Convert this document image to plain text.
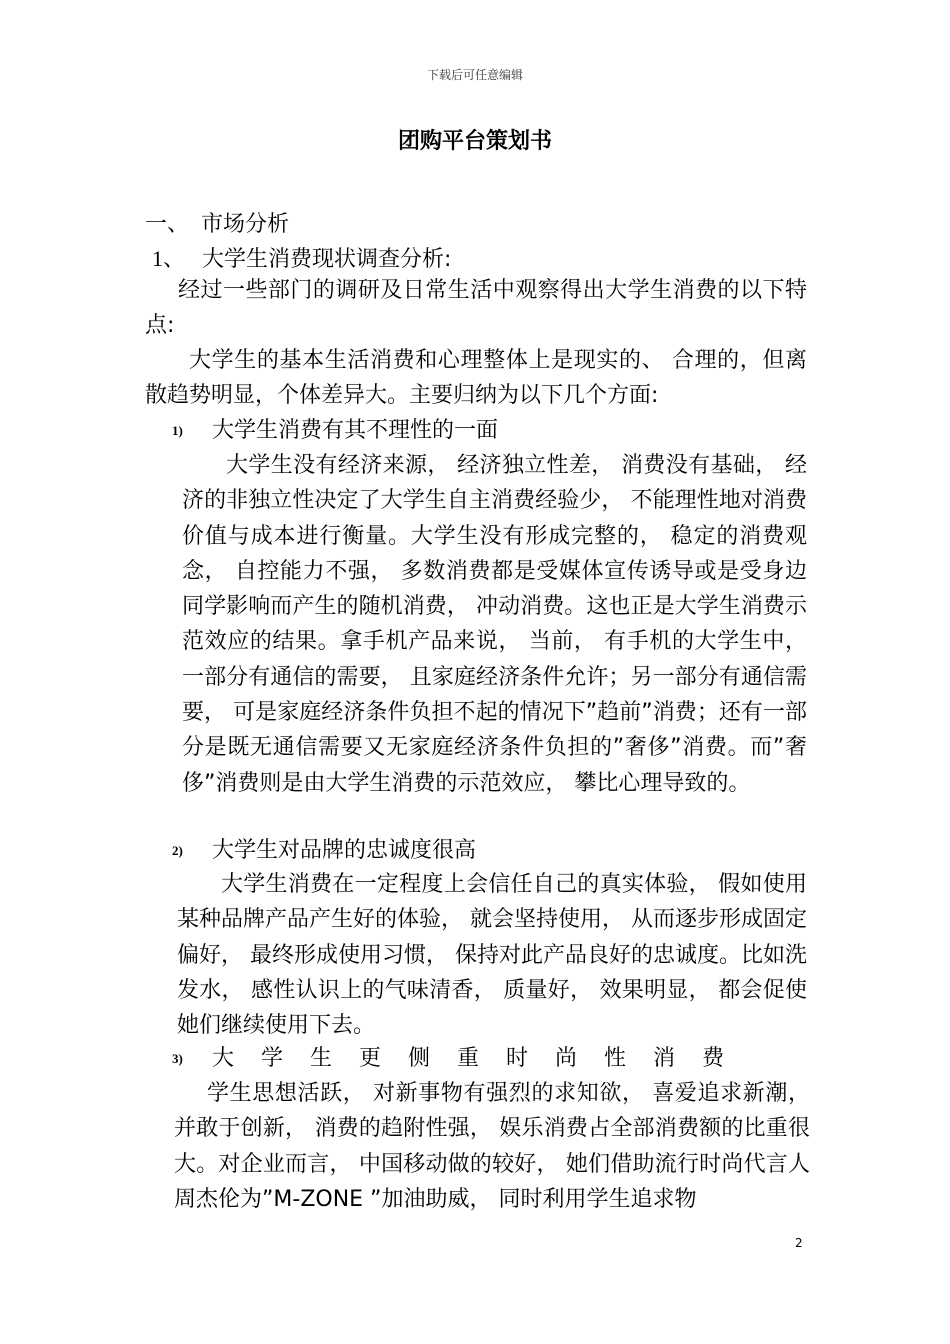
下载后可任意编辑
团购平台策划书
一、 市场分析
1、 大学生消费现状调查分析:
经过一些部门的调研及日常生活中观察得出大学生消费的以下特点:
大学生的基本生活消费和心理整体上是现实的、 合理的，但离散趋势明显，个体差异大。主要归纳为以下几个方面:
1) 大学生消费有其不理性的一面
大学生没有经济来源， 经济独立性差， 消费没有基础， 经济的非独立性决定了大学生自主消费经验少， 不能理性地对消费价值与成本进行衡量。大学生没有形成完整的， 稳定的消费观念， 自控能力不强， 多数消费都是受媒体宣传诱导或是受身边同学影响而产生的随机消费， 冲动消费。这也正是大学生消费示范效应的结果。拿手机产品来说， 当前， 有手机的大学生中， 一部分有通信的需要， 且家庭经济条件允许；另一部分有通信需要， 可是家庭经济条件负担不起的情况下”趋前”消费；还有一部分是既无通信需要又无家庭经济条件负担的”奢侈”消费。而”奢侈”消费则是由大学生消费的示范效应， 攀比心理导致的。
2) 大学生对品牌的忠诚度很高
大学生消费在一定程度上会信任自己的真实体验， 假如使用某种品牌产品产生好的体验， 就会坚持使用， 从而逐步形成固定偏好， 最终形成使用习惯， 保持对此产品良好的忠诚度。比如洗发水， 感性认识上的气味清香， 质量好， 效果明显， 都会促使她们继续使用下去。
3) 大学生更侧重时尚性消费
学生思想活跃， 对新事物有强烈的求知欲， 喜爱追求新潮， 并敢于创新， 消费的趋附性强， 娱乐消费占全部消费额的比重很大。对企业而言， 中国移动做的较好， 她们借助流行时尚代言人周杰伦为”M-ZONE ”加油助威， 同时利用学生追求物
2
